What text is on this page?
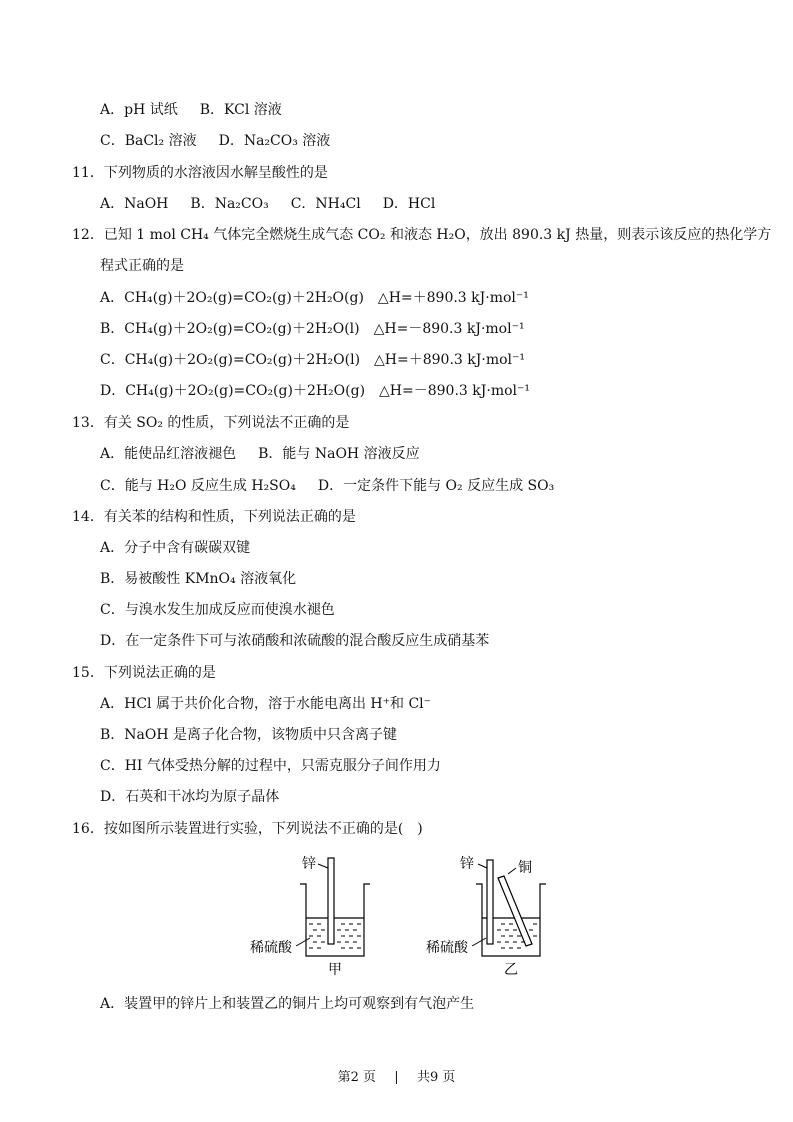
A．pH 试纸 B．KCl 溶液
C．BaCl₂ 溶液 D．Na₂CO₃ 溶液
11．下列物质的水溶液因水解呈酸性的是
A．NaOH B．Na₂CO₃ C．NH₄Cl D．HCl
12．已知 1 mol CH₄ 气体完全燃烧生成气态 CO₂ 和液态 H₂O，放出 890.3 kJ 热量，则表示该反应的热化学方
程式正确的是
A．CH₄(g)＋2O₂(g)=CO₂(g)＋2H₂O(g)　△H=＋890.3 kJ·mol⁻¹
B．CH₄(g)＋2O₂(g)=CO₂(g)＋2H₂O(l)　△H=－890.3 kJ·mol⁻¹
C．CH₄(g)＋2O₂(g)=CO₂(g)＋2H₂O(l)　△H=＋890.3 kJ·mol⁻¹
D．CH₄(g)＋2O₂(g)=CO₂(g)＋2H₂O(g)　△H=－890.3 kJ·mol⁻¹
13．有关 SO₂ 的性质，下列说法不正确的是
A．能使品红溶液褪色 B．能与 NaOH 溶液反应
C．能与 H₂O 反应生成 H₂SO₄ D．一定条件下能与 O₂ 反应生成 SO₃
14．有关苯的结构和性质，下列说法正确的是
A．分子中含有碳碳双键
B．易被酸性 KMnO₄ 溶液氧化
C．与溴水发生加成反应而使溴水褪色
D．在一定条件下可与浓硝酸和浓硫酸的混合酸反应生成硝基苯
15．下列说法正确的是
A．HCl 属于共价化合物，溶于水能电离出 H⁺和 Cl⁻
B．NaOH 是离子化合物，该物质中只含离子键
C．HI 气体受热分解的过程中，只需克服分子间作用力
D．石英和干冰均为原子晶体
16．按如图所示装置进行实验，下列说法不正确的是(　)
锌
稀硫酸
甲
锌	铜
稀硫酸
乙
A．装置甲的锌片上和装置乙的铜片上均可观察到有气泡产生
第2 页 | 共9 页
